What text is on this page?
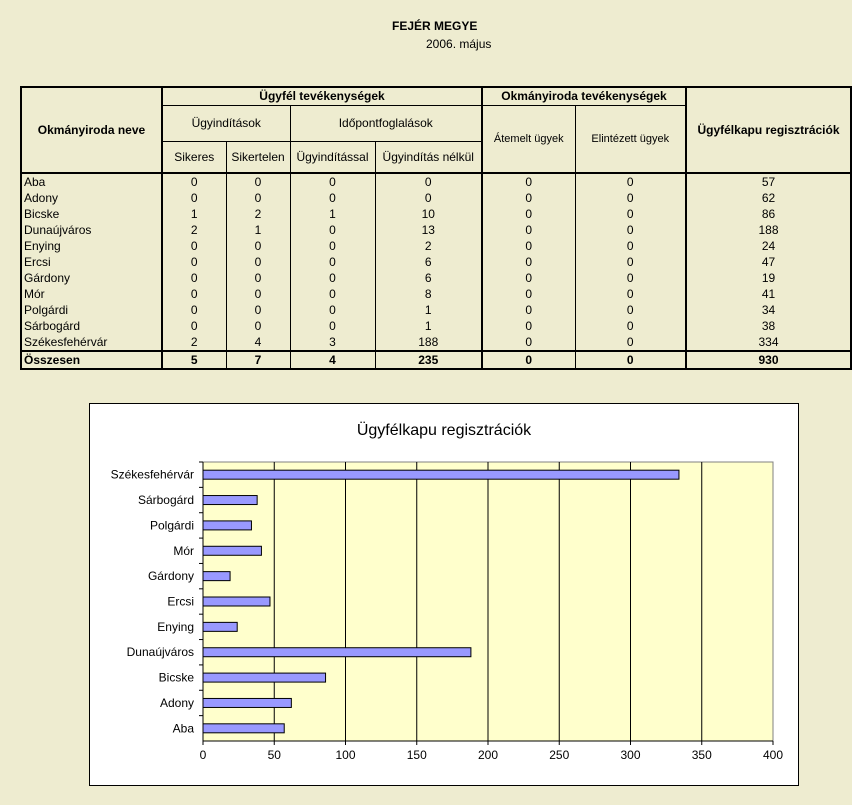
FEJÉR MEGYE
2006. május
Okmányiroda neve	Ügyfél tevékenységek				Okmányiroda tevékenységek		Ügyfélkapu regisztrációk
	Ügyindítások		Időpontfoglalások		Átemelt ügyek	Elintézett ügyek	
	Sikeres	Sikertelen	Ügyindítással	Ügyindítás nélkül			
Aba	0	0	0	0	0	0	57
Adony	0	0	0	0	0	0	62
Bicske	1	2	1	10	0	0	86
Dunaújváros	2	1	0	13	0	0	188
Enying	0	0	0	2	0	0	24
Ercsi	0	0	0	6	0	0	47
Gárdony	0	0	0	6	0	0	19
Mór	0	0	0	8	0	0	41
Polgárdi	0	0	0	1	0	0	34
Sárbogárd	0	0	0	1	0	0	38
Székesfehérvár	2	4	3	188	0	0	334
Összesen	5	7	4	235	0	0	930
Ügyfélkapu regisztrációk
0	50	100	150	200	250	300	350	400
Székesfehérvár
Sárbogárd
Polgárdi
Mór
Gárdony
Ercsi
Enying
Dunaújváros
Bicske
Adony
Aba
